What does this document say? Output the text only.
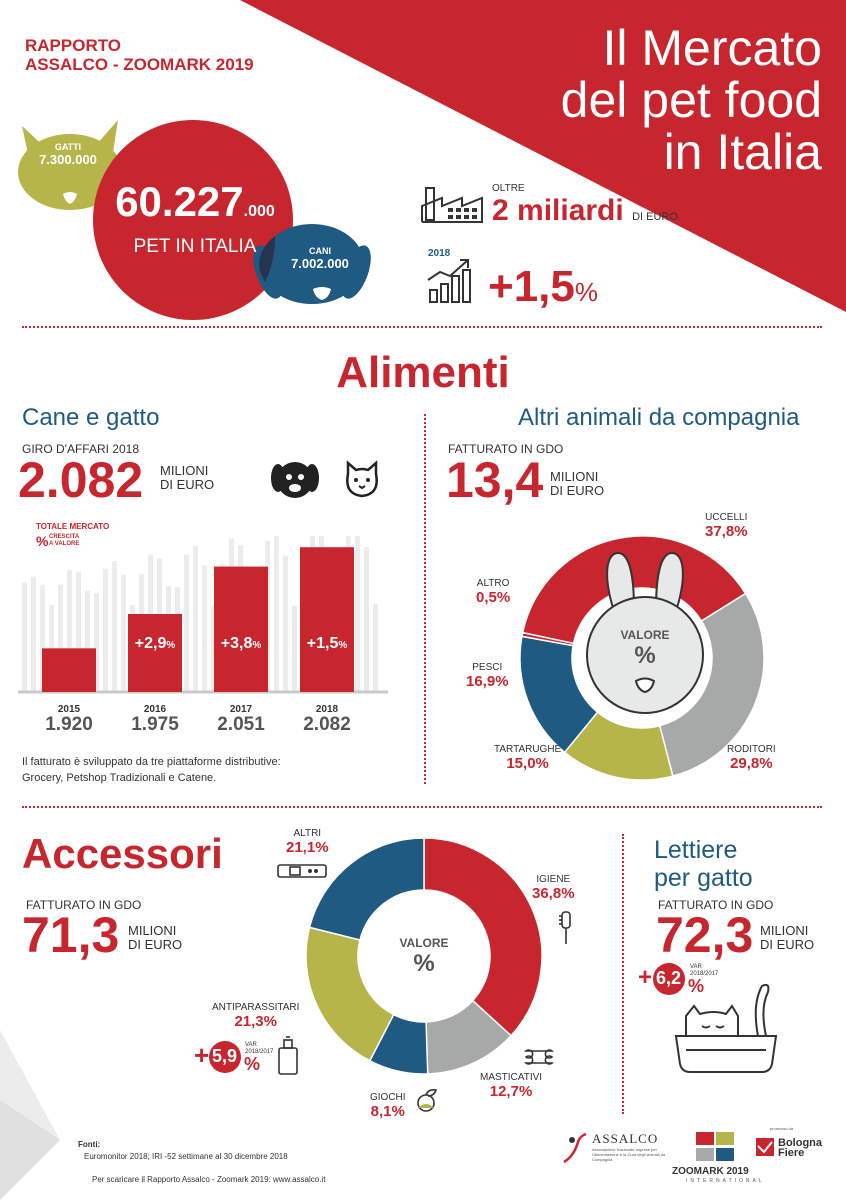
RAPPORTO
ASSALCO - ZOOMARK 2019	Il Mercato
del pet food
in Italia
GATTI
7.300.000
60.227.000
PET IN ITALIA	CANI
7.002.000
OLTRE
2 miliardi DI EURO
2018
+1,5%
Alimenti
Cane e gatto
GIRO D'AFFARI 2018
2.082 MILIONI
DI EURO
+2,9%	+3,8%	+1,5%
TOTALE MERCATO
% CRESCITA
A VALORE
2015
1.920
2016
1.975
2017
2.051
2018
2.082
Il fatturato è sviluppato da tre piattaforme distributive: Grocery, Petshop Tradizionali e Catene.
Altri animali da compagnia
FATTURATO IN GDO
13,4 MILIONI
DI EURO
VALORE
%
UCCELLI
37,8%
RODITORI
29,8%
TARTARUGHE
15,0%
PESCI
16,9%
ALTRO
0,5%
Accessori
FATTURATO IN GDO
71,3 MILIONI
DI EURO	VALORE
%
IGIENE
36,8%
MASTICATIVI
12,7%
GIOCHI
8,1%
ANTIPARASSITARI
21,3%
+ 5,9
VAR
2018/2017
%
ALTRI
21,1%	Lettiere
per gatto
FATTURATO IN GDO
72,3 MILIONI
DI EURO
+ 6,2
VAR
2018/2017
%
Fonti:
Euromonitor 2018; IRI -52 settimane al 30 dicembre 2018
Per scaricare il Rapporto Assalco - Zoomark 2019: www.assalco.it
ASSALCO
Associazione Nazionale Imprese per l'Alimentazione e la Cura degli Animali da Compagnia
ZOOMARK 2019
INTERNATIONAL
promosso da
Bologna Fiere
